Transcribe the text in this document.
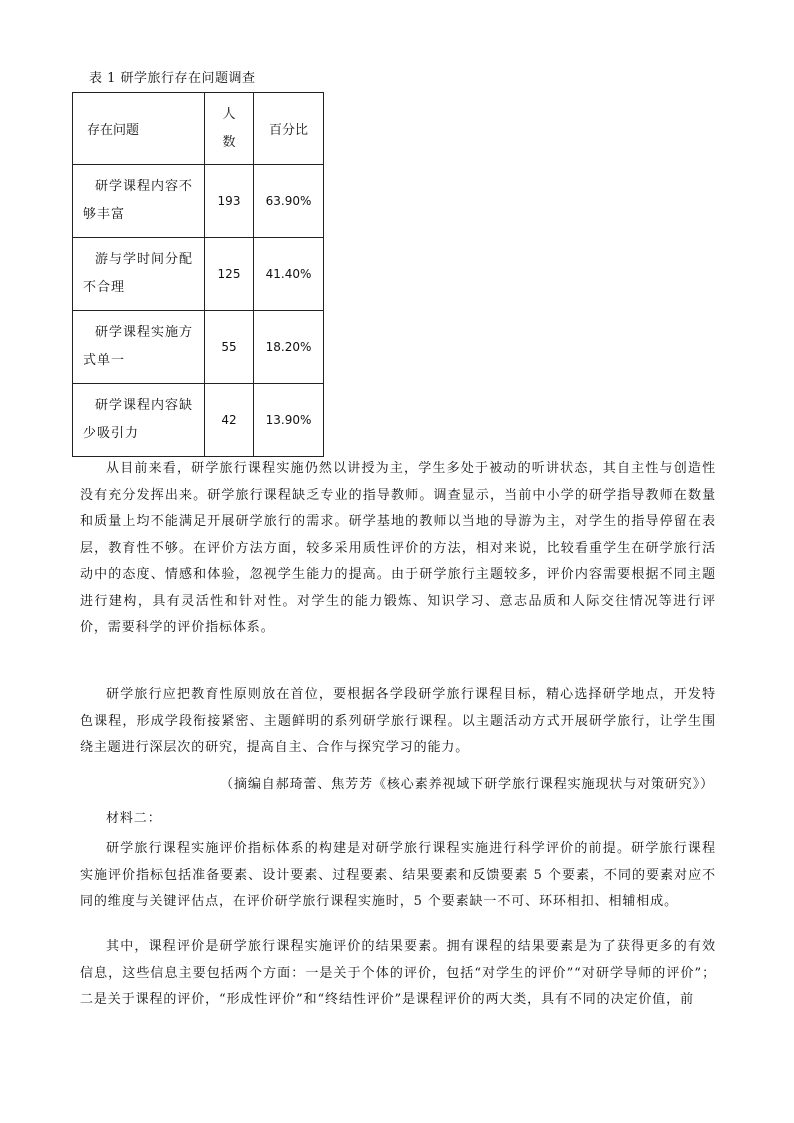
表 1 研学旅行存在问题调查
存在问题	人数	百分比

研学课程内容不够丰富	193	63.90%

游与学时间分配不合理	125	41.40%

研学课程实施方式单一	55	18.20%

研学课程内容缺少吸引力	42	13.90%

从目前来看，研学旅行课程实施仍然以讲授为主，学生多处于被动的听讲状态，其自主性与创造性没有充分发挥出来。研学旅行课程缺乏专业的指导教师。调查显示，当前中小学的研学指导教师在数量和质量上均不能满足开展研学旅行的需求。研学基地的教师以当地的导游为主，对学生的指导停留在表层，教育性不够。在评价方法方面，较多采用质性评价的方法，相对来说，比较看重学生在研学旅行活动中的态度、情感和体验，忽视学生能力的提高。由于研学旅行主题较多，评价内容需要根据不同主题进行建构，具有灵活性和针对性。对学生的能力锻炼、知识学习、意志品质和人际交往情况等进行评价，需要科学的评价指标体系。

研学旅行应把教育性原则放在首位，要根据各学段研学旅行课程目标，精心选择研学地点，开发特色课程，形成学段衔接紧密、主题鲜明的系列研学旅行课程。以主题活动方式开展研学旅行，让学生围绕主题进行深层次的研究，提高自主、合作与探究学习的能力。

（摘编自郝琦蕾、焦芳芳《核心素养视域下研学旅行课程实施现状与对策研究》）
材料二：

研学旅行课程实施评价指标体系的构建是对研学旅行课程实施进行科学评价的前提。研学旅行课程实施评价指标包括准备要素、设计要素、过程要素、结果要素和反馈要素 5 个要素，不同的要素对应不同的维度与关键评估点，在评价研学旅行课程实施时，5 个要素缺一不可、环环相扣、相辅相成。

其中，课程评价是研学旅行课程实施评价的结果要素。拥有课程的结果要素是为了获得更多的有效信息，这些信息主要包括两个方面：一是关于个体的评价，包括“对学生的评价”“对研学导师的评价”；二是关于课程的评价，“形成性评价”和“终结性评价”是课程评价的两大类，具有不同的决定价值，前
